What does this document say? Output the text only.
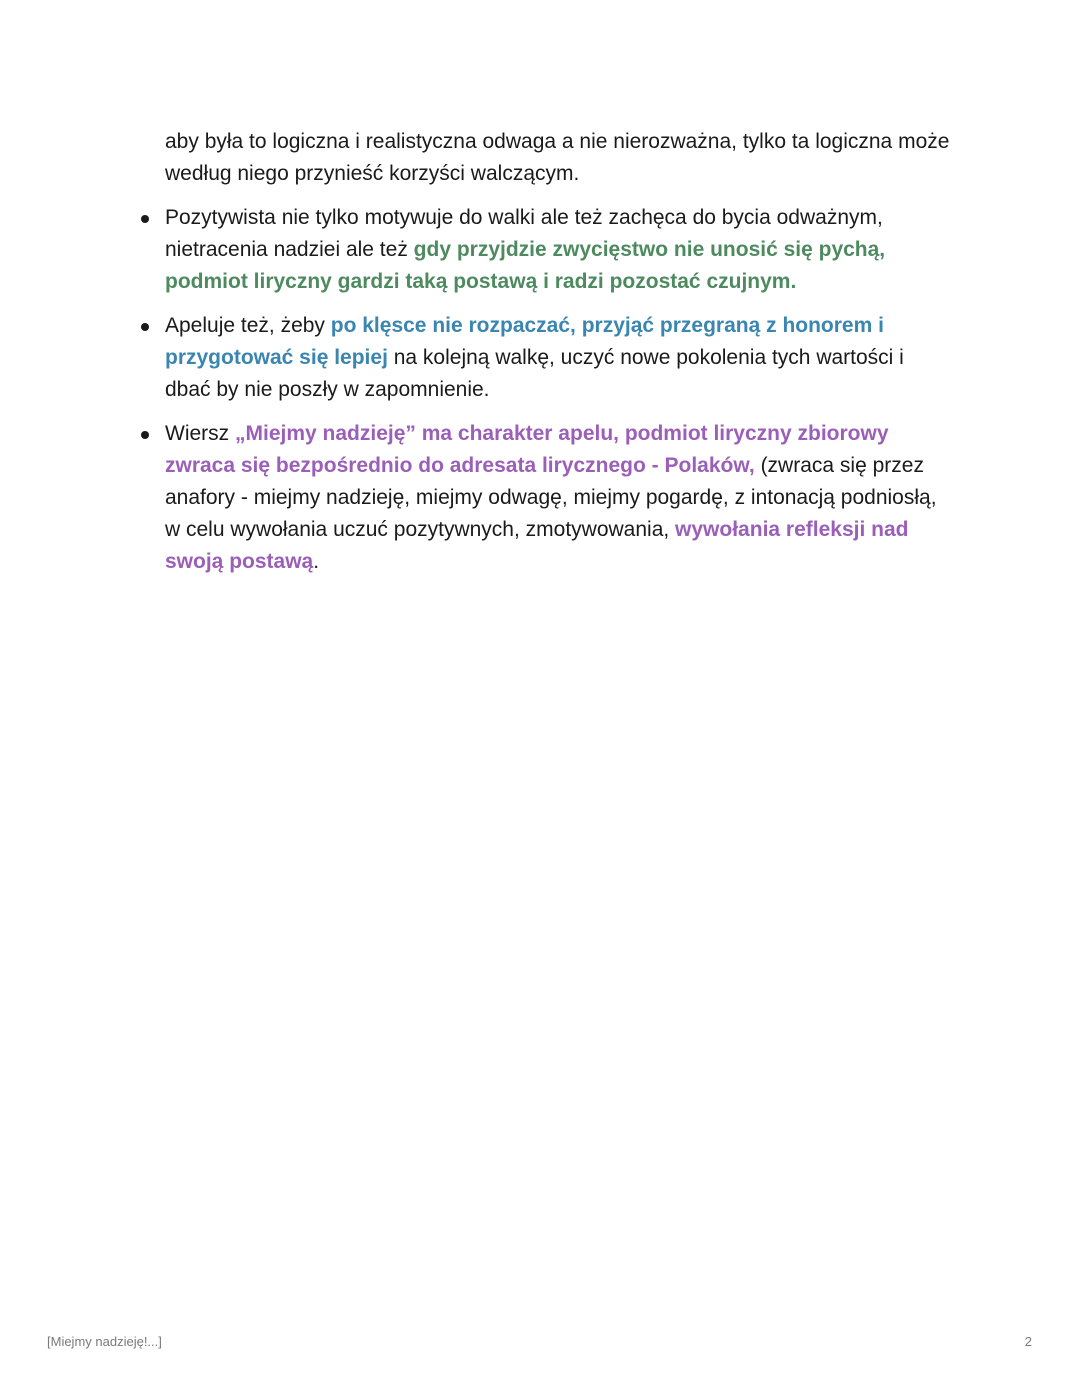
aby była to logiczna i realistyczna odwaga a nie nierozważna, tylko ta logiczna może według niego przynieść korzyści walczącym.

Pozytywista nie tylko motywuje do walki ale też zachęca do bycia odważnym, nietracenia nadziei ale też gdy przyjdzie zwycięstwo nie unosić się pychą, podmiot liryczny gardzi taką postawą i radzi pozostać czujnym.
Apeluje też, żeby po klęsce nie rozpaczać, przyjąć przegraną z honorem i przygotować się lepiej na kolejną walkę, uczyć nowe pokolenia tych wartości i dbać by nie poszły w zapomnienie.
Wiersz „Miejmy nadzieję” ma charakter apelu, podmiot liryczny zbiorowy zwraca się bezpośrednio do adresata lirycznego - Polaków, (zwraca się przez anafory - miejmy nadzieję, miejmy odwagę, miejmy pogardę, z intonacją podniosłą, w celu wywołania uczuć pozytywnych, zmotywowania, wywołania refleksji nad swoją postawą.
[Miejmy nadzieję!...]	2
